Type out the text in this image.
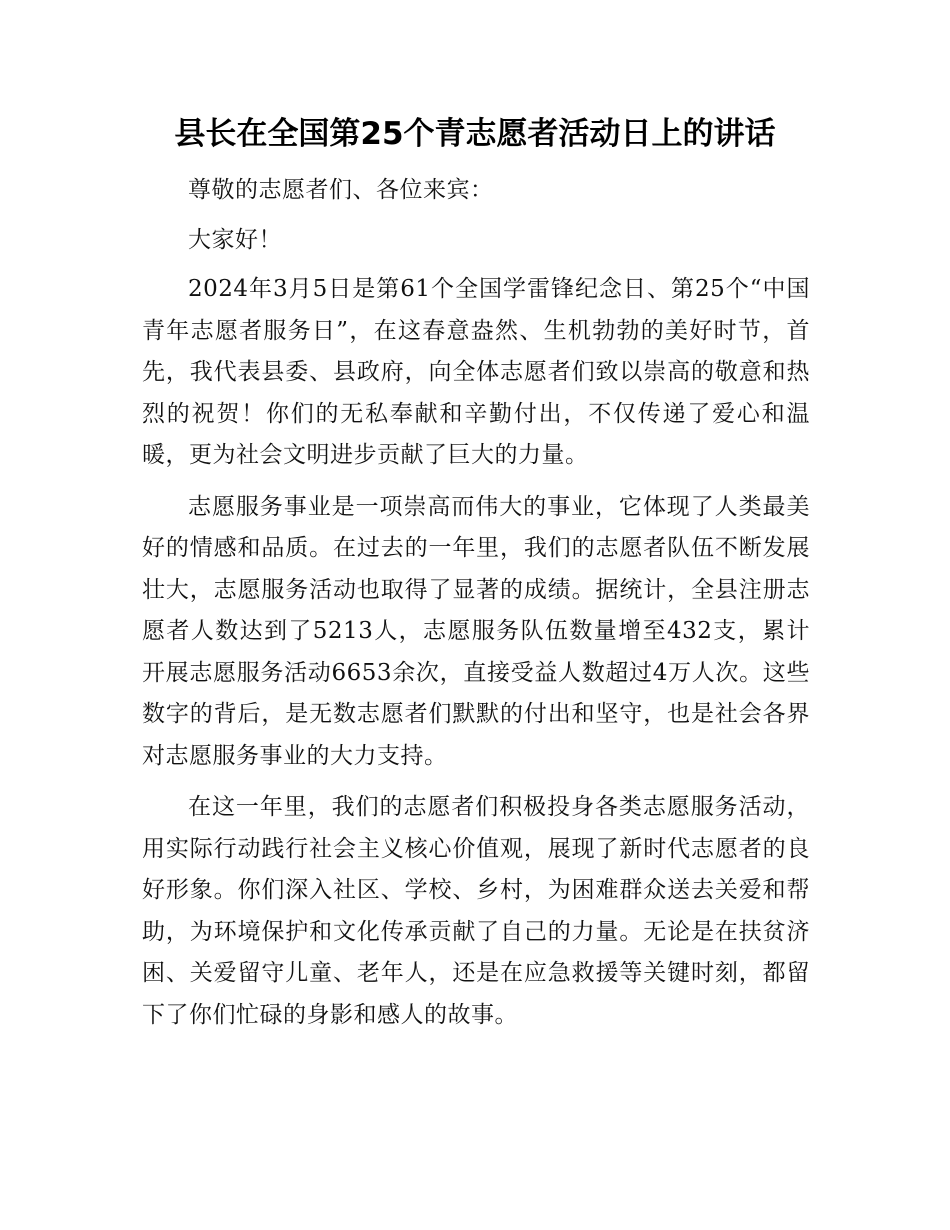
县长在全国第25个青志愿者活动日上的讲话

尊敬的志愿者们、各位来宾：

大家好！

2024年3月5日是第61个全国学雷锋纪念日、第25个“中国青年志愿者服务日”，在这春意盎然、生机勃勃的美好时节，首先，我代表县委、县政府，向全体志愿者们致以崇高的敬意和热烈的祝贺！你们的无私奉献和辛勤付出，不仅传递了爱心和温暖，更为社会文明进步贡献了巨大的力量。

志愿服务事业是一项崇高而伟大的事业，它体现了人类最美好的情感和品质。在过去的一年里，我们的志愿者队伍不断发展壮大，志愿服务活动也取得了显著的成绩。据统计，全县注册志愿者人数达到了5213人，志愿服务队伍数量增至432支，累计开展志愿服务活动6653余次，直接受益人数超过4万人次。这些数字的背后，是无数志愿者们默默的付出和坚守，也是社会各界对志愿服务事业的大力支持。

在这一年里，我们的志愿者们积极投身各类志愿服务活动，用实际行动践行社会主义核心价值观，展现了新时代志愿者的良好形象。你们深入社区、学校、乡村，为困难群众送去关爱和帮助，为环境保护和文化传承贡献了自己的力量。无论是在扶贫济困、关爱留守儿童、老年人，还是在应急救援等关键时刻，都留下了你们忙碌的身影和感人的故事。
